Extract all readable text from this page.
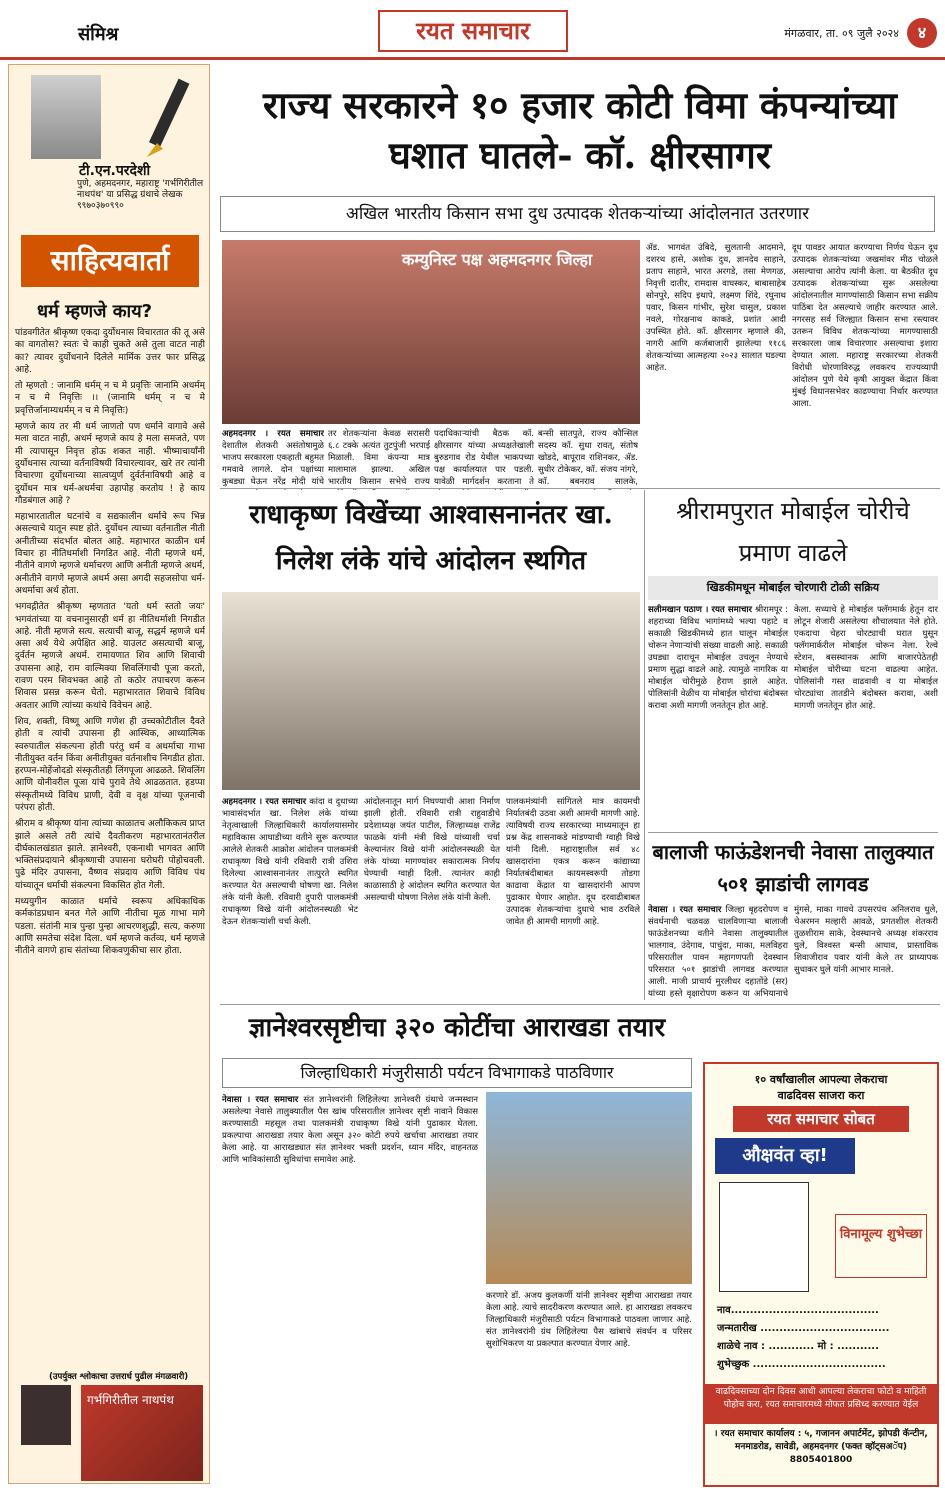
संमिश्र	रयत समाचार	मंगळवार, ता. ०९ जुलै २०२४	४
टी.एन.परदेशी
पुणे, अहमदनगर, महाराष्ट्र 'गर्भगिरीतील नाथपंथ' या प्रसिद्ध ग्रंथाचे लेखक ९९७०३७०९९०
साहित्यवार्ता
धर्म म्हणजे काय?

पांडवगीतेत श्रीकृष्ण एकदा दुर्योधनास विचारतात की तू असे का वागतोस? स्वतः चे काही चुकते असे तुला वाटत नाही का? त्यावर दुर्योधनाने दिलेले मार्मिक उत्तर फार प्रसिद्ध आहे.

तो म्हणतो : जानामि धर्मम् न च मे प्रवृत्तिः जानामि अधर्मम् न च मे निवृत्तिः ।। (जानामि धर्मम् न च मे प्रवृत्तिर्जानाम्यधर्मम् न च मे निवृत्तिः)

म्हणजे काय तर मी धर्म जाणतो पण धर्माने वागावे असे मला वाटत नाही, अधर्म म्हणजे काय हे मला समजते, पण मी त्यापासून निवृत्त होऊ शकत नाही. भीष्माचार्यांनी दुर्योधनास त्याच्या वर्तनाविषयी विचारल्यावर, खरे तर त्यांनी विचारणा दुर्योधनाच्या सात्वप्युर्ण दुर्वर्तनाविषयी आहे व दुर्योधन मात्र धर्म-अधर्मचा उहापोह करतोय ! हे काय गौडबंगाल आहे ?

महाभारतातील घटनांचे व सद्यकालीन धर्माचे रूप भिन्न असल्याचे यातून स्पष्ट होते. दुर्योधन त्याच्या वर्तनातील नीती अनीतीच्या संदर्भात बोलत आहे. महाभारत काळीन धर्म विचार हा नीतिधर्माशी निगडित आहे. नीती म्हणजे धर्म, नीतीने वागणे म्हणजे धर्माचरण आणि अनीती म्हणजे अधर्म, अनीतीने वागणे म्हणजे अधर्म असा अगदी सहजसोपा धर्म-अधर्माचा अर्थ होता.

भगवद्गीतेत श्रीकृष्ण म्हणतात 'यतो धर्म स्ततो जयः' भगवंतांच्या या वचनानुसारही धर्म हा नीतिधर्माशी निगडीत आहे. नीती म्हणजे सत्य. सत्याची बाजू, सद्धर्म म्हणजे धर्म असा अर्थ येथे अपेक्षित आहे. याउलट असत्याची बाजू, दुर्वर्तन म्हणजे अधर्म. रामायणात शिव आणि शिवाची उपासना आहे, राम वाल्मिक्या शिवलिंगाची पूजा करतो, रावण परम शिवभक्त आहे तो कठोर तपाचरण करून शिवास प्रसन्न करून घेतो. महाभारतात शिवाचे विविध अवतार आणि त्यांच्या कथांचे विवेचन आहे.

शिव, शक्ती, विष्णू आणि गणेश ही उच्चकोटीतील दैवते होती व त्यांची उपासना ही आस्थिक, आध्यात्मिक स्वरुपातील संकल्पना होती परंतु धर्म व अधर्माचा गाभा नीतीयुक्त वर्तन किंवा अनीतीयुक्त वर्तनाशीच निगडीत होता. हरप्पन-मोहेंजोदडो संस्कृतीतही लिंगपूजा आढळते. शिवलिंग आणि योनीवरील पूजा यांचे पुरावे तेथे आढळतात. हडप्पा संस्कृतीमध्ये विविध प्राणी, देवी व वृक्ष यांच्या पूजनाची परंपरा होती.

श्रीराम व श्रीकृष्ण यांना त्यांच्या काळातच अलौकिकत्व प्राप्त झाले असले तरी त्यांचे दैवतीकरण महाभारतानंतरील दीर्घकालखंडात झाले. ज्ञानेश्वरी, एकनाथी भागवत आणि भक्तिसंप्रदायाने श्रीकृष्णाची उपासना घरोघरी पोहोचवली. पुढे मंदिर उपासना, वैष्णव संप्रदाय आणि विविध पंथ यांच्यातून धर्माची संकल्पना विकसित होत गेली.

मध्ययुगीन काळात धर्माचे स्वरूप अधिकाधिक कर्मकांडप्रधान बनत गेले आणि नीतीचा मूळ गाभा मागे पडला. संतांनी मात्र पुन्हा पुन्हा आचरणशुद्धी, सत्य, करुणा आणि समतेचा संदेश दिला. धर्म म्हणजे कर्तव्य, धर्म म्हणजे नीतीने वागणे हाच संतांच्या शिकवणुकीचा सार होता.

(उपर्युक्त श्लोकाचा उत्तरार्ध पुढील मंगळवारी)
गर्भगिरीतील नाथपंथ
राज्य सरकारने १० हजार कोटी विमा कंपन्यांच्या घशात घातले- कॉ. क्षीरसागर
अखिल भारतीय किसान सभा दुध उत्पादक शेतकऱ्यांच्या आंदोलनात उतरणार
कम्युनिस्ट पक्ष अहमदनगर जिल्हा
अहमदनगर । रयत समाचार देशातील शेतकरी असंतोषामुळे भाजप सरकारला एकहाती बहुमत गमवावे लागले. दोन पक्षांच्या कुबड्या घेऊन नरेंद्र मोदी यांचे
तर शेतकऱ्यांना केवळ सरासरी ६.८ टक्के अत्यंत तुटपुंजी भरपाई मिळाली. विमा कंपन्या मात्र मालामाल झाल्या. अखिल भारतीय किसान सभेचे राज्य
पदाधिकाऱ्यांची बैठक कॉ. क्षीरसागर यांच्या अध्यक्षतेखाली बुरुडगाव रोड येथील भाकपच्या पक्ष कार्यालयात पार पडली. यावेळी मार्गदर्शन करताना ते
बन्सी सातपुते, राज्य कौन्सिल सदस्य कॉ. सुधा रावत्, संतोष खोडदे, बापूराव राशिनकर, ॲड. सुधीर टोकेकर, कॉ. संजय नांगरे, कॉ. बबनराव सालके,
ॲड. भागवंत उंबिदे, सुलतानी आदमाने, दशरथ हासे, अशोक दुध, ज्ञानदेव साहाने, प्रताप साहाने, भारत अरगडे, तसा मेणगळ, निवृत्ती दातीर, रामदास वाघस्कर, बाबासाहेब सोनपुरे, सदिप इथापे, लक्ष्मण शिंदे, रघुनाथ पवार, किसन गांभीर, सुरेश चासुल, प्रकाश नवले, गोरक्षनाथ काकडे, प्रशांत आदी उपस्थित होते. कॉ. क्षीरसागर म्हणाले की, नागरी आणि कर्जबाजारी झालेल्या ११८६ शेतकऱ्यांच्या आत्महत्या २०२३ सालात घडल्या आहेत.
दूध पावडर आयात करण्याचा निर्णय घेऊन दूध उत्पादक शेतकऱ्यांच्या जखमांवर मीठ चोळले असल्याचा आरोप त्यांनी केला. या बैठकीत दूध उत्पादक शेतकऱ्यांच्या सुरू असलेल्या आंदोलनातील मागण्यांसाठी किसान सभा सक्रीय पाठिंबा देत असल्याचे जाहीर करण्यात आले. नगरसह सर्व जिल्ह्यात किसान सभा रस्त्यावर उतरून विविध शेतकऱ्यांच्या मागण्यासाठी सरकारला जाब विचारणार असल्याचा इशारा देण्यात आला. महाराष्ट्र सरकारच्या शेतकरी विरोधी धोरणाविरुद्ध लवकरच राज्यव्यापी आंदोलन पुणे येथे कृषी आयुक्त केंद्रात किंवा मुंबई विधानसभेवर काढण्याचा निर्धार करण्यात आला.
राधाकृष्ण विखेंच्या आश्वासनानंतर खा. निलेश लंके यांचे आंदोलन स्थगित
अहमदनगर । रयत समाचार कांदा व दुधाच्या भावासंदर्भात खा. निलेश लंके यांच्या नेतृत्वाखाली जिल्हाधिकारी कार्यालयासमोर महाविकास आघाडीच्या वतीने सुरू करण्यात आलेले शेतकरी आक्रोश आंदोलन पालकमंत्री राधाकृष्ण विखे यांनी रविवारी रात्री उशिरा दिलेल्या आश्वासनानंतर तात्पुरते स्थगित करण्यात येत असल्याची घोषणा खा. निलेश लंके यांनी केली. रविवारी दुपारी पालकमंत्री राधाकृष्ण विखे यांनी आंदोलनस्थळी भेट देऊन शेतकऱ्यांशी चर्चा केली.
आंदोलनातून मार्ग निघण्याची आशा निर्माण झाली होती. रविवारी रात्री राहुवाडीचे प्रदेशाध्यक्ष जयंत पाटील, जिल्हाध्यक्ष राजेंद्र फाळके यांनी मंत्री विखे यांच्याशी चर्चा केल्यानंतर विखे यांनी आंदोलनस्थळी येत लंके यांच्या मागण्यांवर सकारात्मक निर्णय घेण्याची ग्वाही दिली. त्यानंतर काही काळासाठी हे आंदोलन स्थगित करण्यात येत असल्याची घोषणा निलेश लंके यांनी केली.
पालकमंत्र्यांनी सांगितले मात्र कायमची निर्यातबंदी उठवा अशी आमची मागणी आहे. त्याविषयी राज्य सरकारच्या माध्यमातून हा प्रश्न केंद्र शासनाकडे मांडण्याची ग्वाही विखे यांनी दिली. महाराष्ट्रातील सर्व ४८ खासदारांना एकत्र करून कांद्याच्या निर्यातबंदीबाबत कायमस्वरूपी तोडगा काढावा केंद्रात या खासदारांनी आपण पुढाकार घेणार आहोत. दूध दरवाढीबाबत उत्पादक शेतकऱ्यांचा दुधाचे भाव ठरविले जावेत ही आमची मागणी आहे.
श्रीरामपुरात मोबाईल चोरीचे प्रमाण वाढले
खिडकीमधून मोबाईल चोरणारी टोळी सक्रिय
सलीमखान पठाण । रयत समाचार श्रीरामपूर : शहराच्या विविध भागांमध्ये भल्या पहाटे व सकाळी खिडकीमध्ये हात घालून मोबाईल चोरून नेणाऱ्यांची संख्या वाढली आहे. सकाळी उघड्या दाराचून मोबाईल उचलून नेण्याचे प्रमाण सुद्धा वाढले आहे. त्यामुळे नागरिक या मोबाईल चोरीमुळे हैराण झाले आहेत. पोलिसांनी वेळीच या मोबाईल चोरांचा बंदोबस्त करावा अशी मागणी जनतेतून होत आहे.
केला. सध्याचे हे मोबाईल फ्लॅगमार्क हेतून दार लोटून शेजारी असलेल्या शौचालयात नेले होते. एकदाचा चेहरा चोरट्याची घरात घुसून फ्लॅगमार्करील मोबाईल चोरून नेला. रेल्वे स्टेशन, बसस्थानक आणि बाजारपेठेतही मोबाईल चोरीच्या घटना वाढल्या आहेत. पोलिसांनी गस्त वाढवावी व या मोबाईल चोरट्यांचा तातडीने बंदोबस्त करावा, अशी मागणी जनतेतून होत आहे.
बालाजी फाऊंडेशनची नेवासा तालुक्यात ५०१ झाडांची लागवड
नेवासा । रयत समाचार जिल्हा बृहदरोपण व संवर्धनाची चळवळ चालविणाऱ्या बालाजी फाऊंडेशनच्या वतीने नेवासा तालुक्यातील भालगाव, उंदेगाव, पाचुंदा, माका, मलविहरा परिसरातील पावन महागणपती देवस्थान परिसरात ५०१ झाडांची लागवड करण्यात आली. माजी प्राचार्य मुरलीधर दहातोंडे (सर) यांच्या हस्ते वृक्षारोपण करून या अभियानाचे
मुंगसे, माका गावचे उपसरपंच अनिलराव धुले, चेअरमन मल्हारी आवळे, प्रगतशील शेतकरी तुळशीराम साके, देवस्थानचे अध्यक्ष शंकरराव घुले, विश्वस्त बन्सी आघाव, प्रास्ताविक शिवाजीराव पवार यांनी केले तर प्राध्यापक सुधाकर घुले यांनी आभार मानले.
ज्ञानेश्वरसृष्टीचा ३२० कोटींचा आराखडा तयार
जिल्हाधिकारी मंजुरीसाठी पर्यटन विभागाकडे पाठविणार
नेवासा । रयत समाचार संत ज्ञानेश्वरांनी लिहिलेल्या ज्ञानेश्वरी ग्रंथाचे जन्मस्थान असलेल्या नेवासे तालुक्यातील पैस खांब परिसरातील ज्ञानेश्वर सृष्टी नावाने विकास करण्यासाठी महसूल तथा पालकमंत्री राधाकृष्ण विखे यांनी पुढाकार घेतला. प्रकल्पाचा आराखडा तयार केला असून ३२० कोटी रुपये खर्चाचा आराखडा तयार केला आहे. या आराखड्यात संत ज्ञानेश्वर भक्ती प्रदर्शन, ध्यान मंदिर, वाहनतळ आणि भाविकांसाठी सुविधांचा समावेश आहे.
करणारे डॉ. अजय कुलकर्णी यांनी ज्ञानेश्वर सृष्टीचा आराखडा तयार केला आहे. त्याचे सादरीकरण करण्यात आले. हा आराखडा लवकरच जिल्हाधिकारी मंजुरीसाठी पर्यटन विभागाकडे पाठवला जाणार आहे. संत ज्ञानेश्वरांनी ग्रंथ लिहिलेल्या पैस खांबाचे संवर्धन व परिसर सुशोभिकरण या प्रकल्पात करण्यात येणार आहे.
१० वर्षांखालील आपल्या लेकराचा
वाढदिवस साजरा करा
रयत समाचार सोबत
औक्षवंत व्हा!
विनामूल्य शुभेच्छा
नाव.......................................
जन्मतारीख ..................................
शाळेचे नाव : ............ मो : ...........
शुभेच्छुक ...................................
वाढदिवसाच्या दोन दिवस आधी आपल्या लेकराचा फोटो व माहिती पोहोच करा, रयत समाचारमध्ये मोफत प्रसिध्द करण्यात येईल
। रयत समाचार कार्यालय : ५, गजानन अपार्टमेंट, झोपडी कॅन्टीन, मनमाडरोड, सावेडी, अहमदनगर (फक्त व्हॉट्सअॅप) 8805401800
